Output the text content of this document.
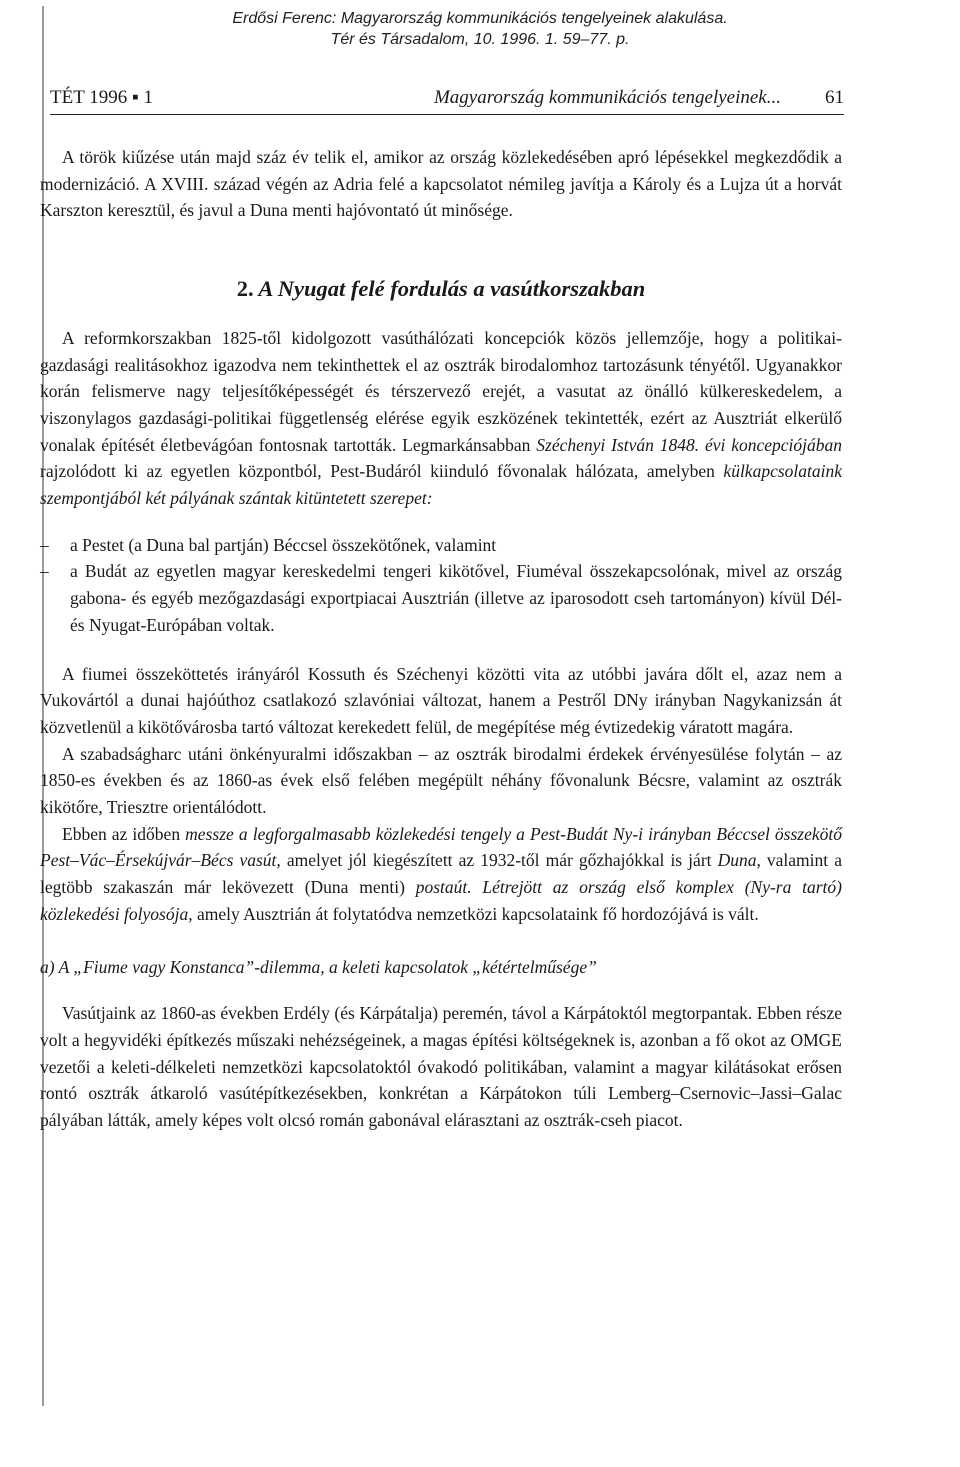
Erdősi Ferenc: Magyarország kommunikációs tengelyeinek alakulása.
Tér és Társadalom, 10. 1996. 1. 59–77. p.
TÉT 1996 ▪ 1	Magyarország kommunikációs tengelyeinek... 61

A török kiűzése után majd száz év telik el, amikor az ország közlekedésében apró lépésekkel megkezdődik a modernizáció. A XVIII. század végén az Adria felé a kapcsolatot némileg javítja a Károly és a Lujza út a horvát Karszton keresztül, és javul a Duna menti hajóvontató út minősége.

2. A Nyugat felé fordulás a vasútkorszakban

A reformkorszakban 1825-től kidolgozott vasúthálózati koncepciók közös jellemzője, hogy a politikai-gazdasági realitásokhoz igazodva nem tekinthettek el az osztrák birodalomhoz tartozásunk tényétől. Ugyanakkor korán felismerve nagy teljesítőképességét és térszervező erejét, a vasutat az önálló külkereskedelem, a viszonylagos gazdasági-politikai függetlenség elérése egyik eszközének tekintették, ezért az Ausztriát elkerülő vonalak építését életbevágóan fontosnak tartották. Legmarkánsabban Széchenyi István 1848. évi koncepciójában rajzolódott ki az egyetlen központból, Pest-Budáról kiinduló fővonalak hálózata, amelyben külkapcsolataink szempontjából két pályának szántak kitüntetett szerepet:

– a Pestet (a Duna bal partján) Béccsel összekötőnek, valamint
– a Budát az egyetlen magyar kereskedelmi tengeri kikötővel, Fiuméval összekapcsolónak, mivel az ország gabona- és egyéb mezőgazdasági exportpiacai Ausztrián (illetve az iparosodott cseh tartományon) kívül Dél- és Nyugat-Európában voltak.

A fiumei összeköttetés irányáról Kossuth és Széchenyi közötti vita az utóbbi javára dőlt el, azaz nem a Vukovártól a dunai hajóúthoz csatlakozó szlavóniai változat, hanem a Pestről DNy irányban Nagykanizsán át közvetlenül a kikötővárosba tartó változat kerekedett felül, de megépítése még évtizedekig váratott magára.

A szabadságharc utáni önkényuralmi időszakban – az osztrák birodalmi érdekek érvényesülése folytán – az 1850-es években és az 1860-as évek első felében megépült néhány fővonalunk Bécsre, valamint az osztrák kikötőre, Triesztre orientálódott.

Ebben az időben messze a legforgalmasabb közlekedési tengely a Pest-Budát Ny-i irányban Béccsel összekötő Pest–Vác–Érsekújvár–Bécs vasút, amelyet jól kiegészített az 1932-től már gőzhajókkal is járt Duna, valamint a legtöbb szakaszán már lekövezett (Duna menti) postaút. Létrejött az ország első komplex (Ny-ra tartó) közlekedési folyosója, amely Ausztrián át folytatódva nemzetközi kapcsolataink fő hordozójává is vált.

a) A „Fiume vagy Konstanca”-dilemma, a keleti kapcsolatok „kétértelműsége”

Vasútjaink az 1860-as években Erdély (és Kárpátalja) peremén, távol a Kárpátoktól megtorpantak. Ebben része volt a hegyvidéki építkezés műszaki nehézségeinek, a magas építési költségeknek is, azonban a fő okot az OMGE vezetői a keleti-délkeleti nemzetközi kapcsolatoktól óvakodó politikában, valamint a magyar kilátásokat erősen rontó osztrák átkaroló vasútépítkezésekben, konkrétan a Kárpátokon túli Lemberg–Csernovic–Jassi–Galac pályában látták, amely képes volt olcsó román gabonával elárasztani az osztrák-cseh piacot.
